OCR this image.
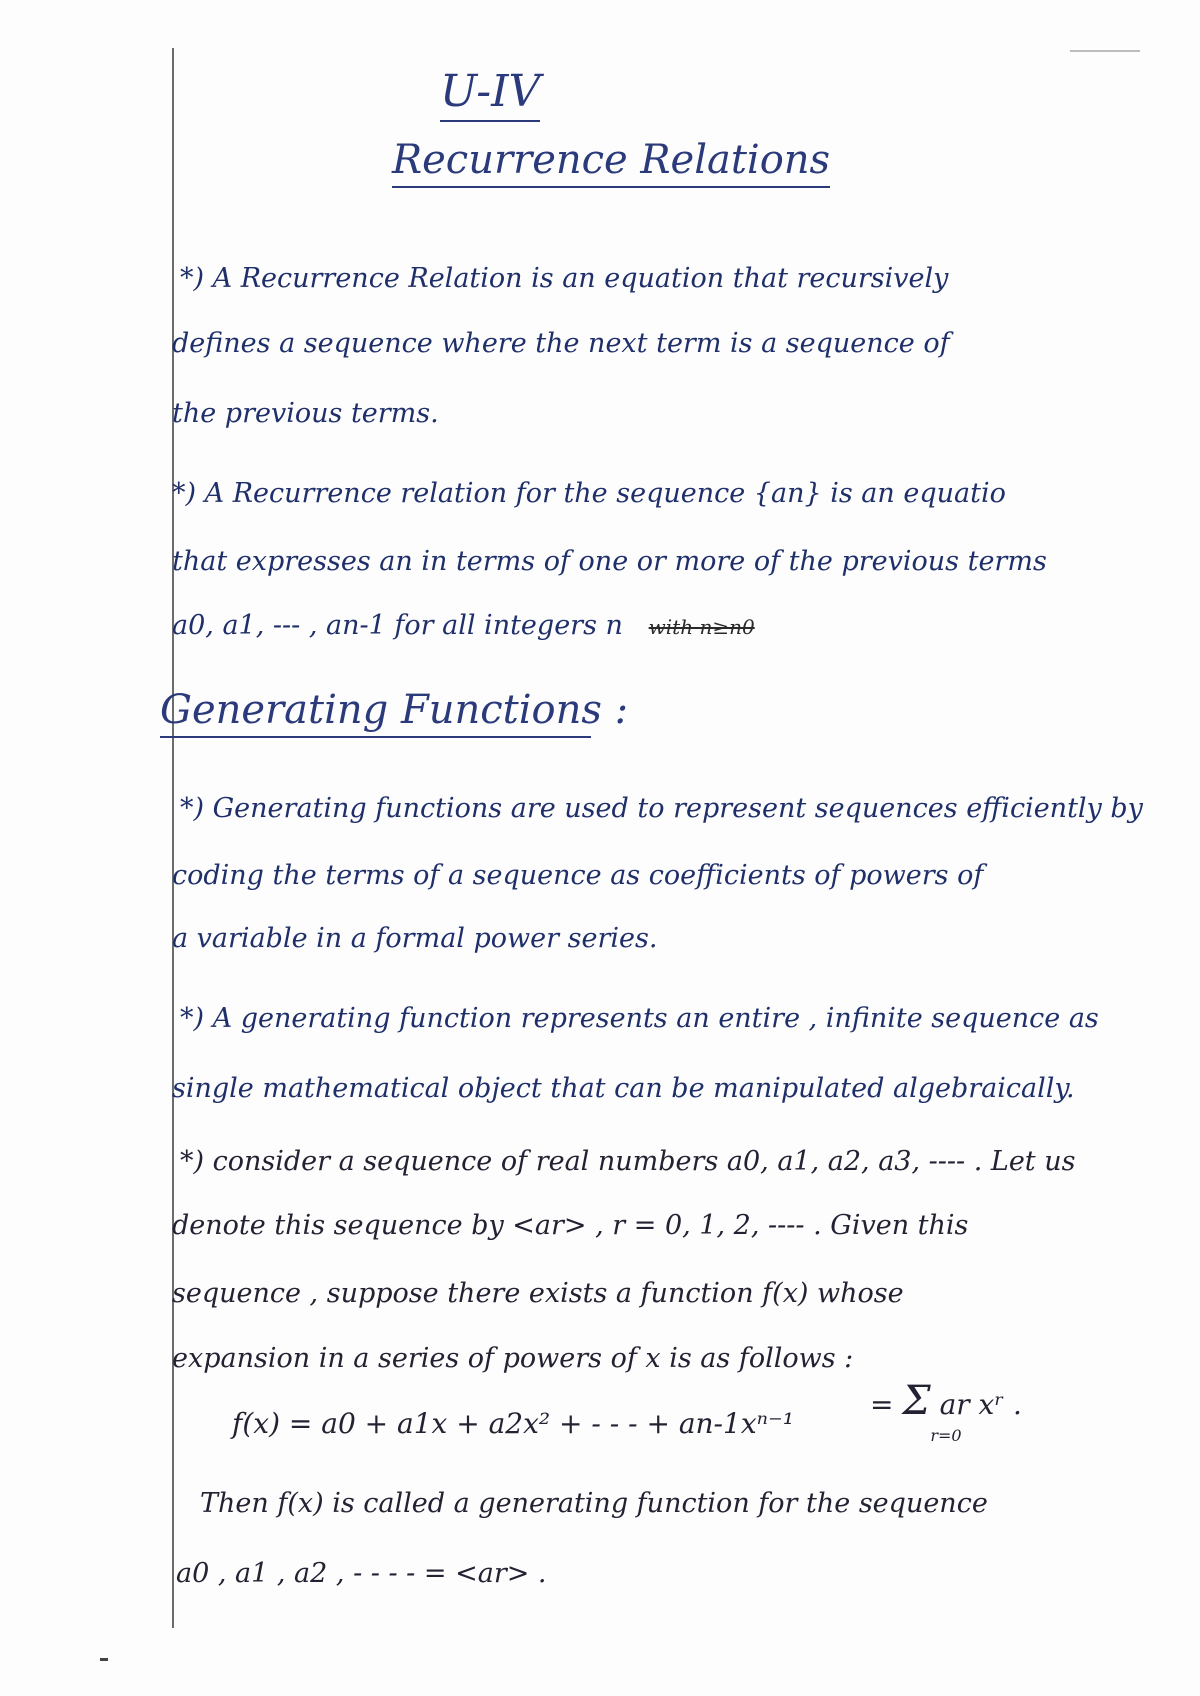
U-IV
Recurrence Relations
*) A Recurrence Relation is an equation that recursively
defines a sequence where the next term is a sequence of
the previous terms.
*) A Recurrence relation for the sequence {an} is an equatio
that expresses an in terms of one or more of the previous terms
a0, a1, --- , an-1 for all integers n with n≥n0
Generating Functions :
*) Generating functions are used to represent sequences efficiently by
coding the terms of a sequence as coefficients of powers of
a variable in a formal power series.
*) A generating function represents an entire , infinite sequence as
single mathematical object that can be manipulated algebraically.
*) consider a sequence of real numbers a0, a1, a2, a3, ---- . Let us
denote this sequence by <ar> , r = 0, 1, 2, ---- . Given this
sequence , suppose there exists a function f(x) whose
expansion in a series of powers of x is as follows :
f(x) = a0 + a1x + a2x² + - - - + an-1xⁿ⁻¹
= Σ ar xʳ .
r=0
Then f(x) is called a generating function for the sequence
a0 , a1 , a2 , - - - - = <ar> .
